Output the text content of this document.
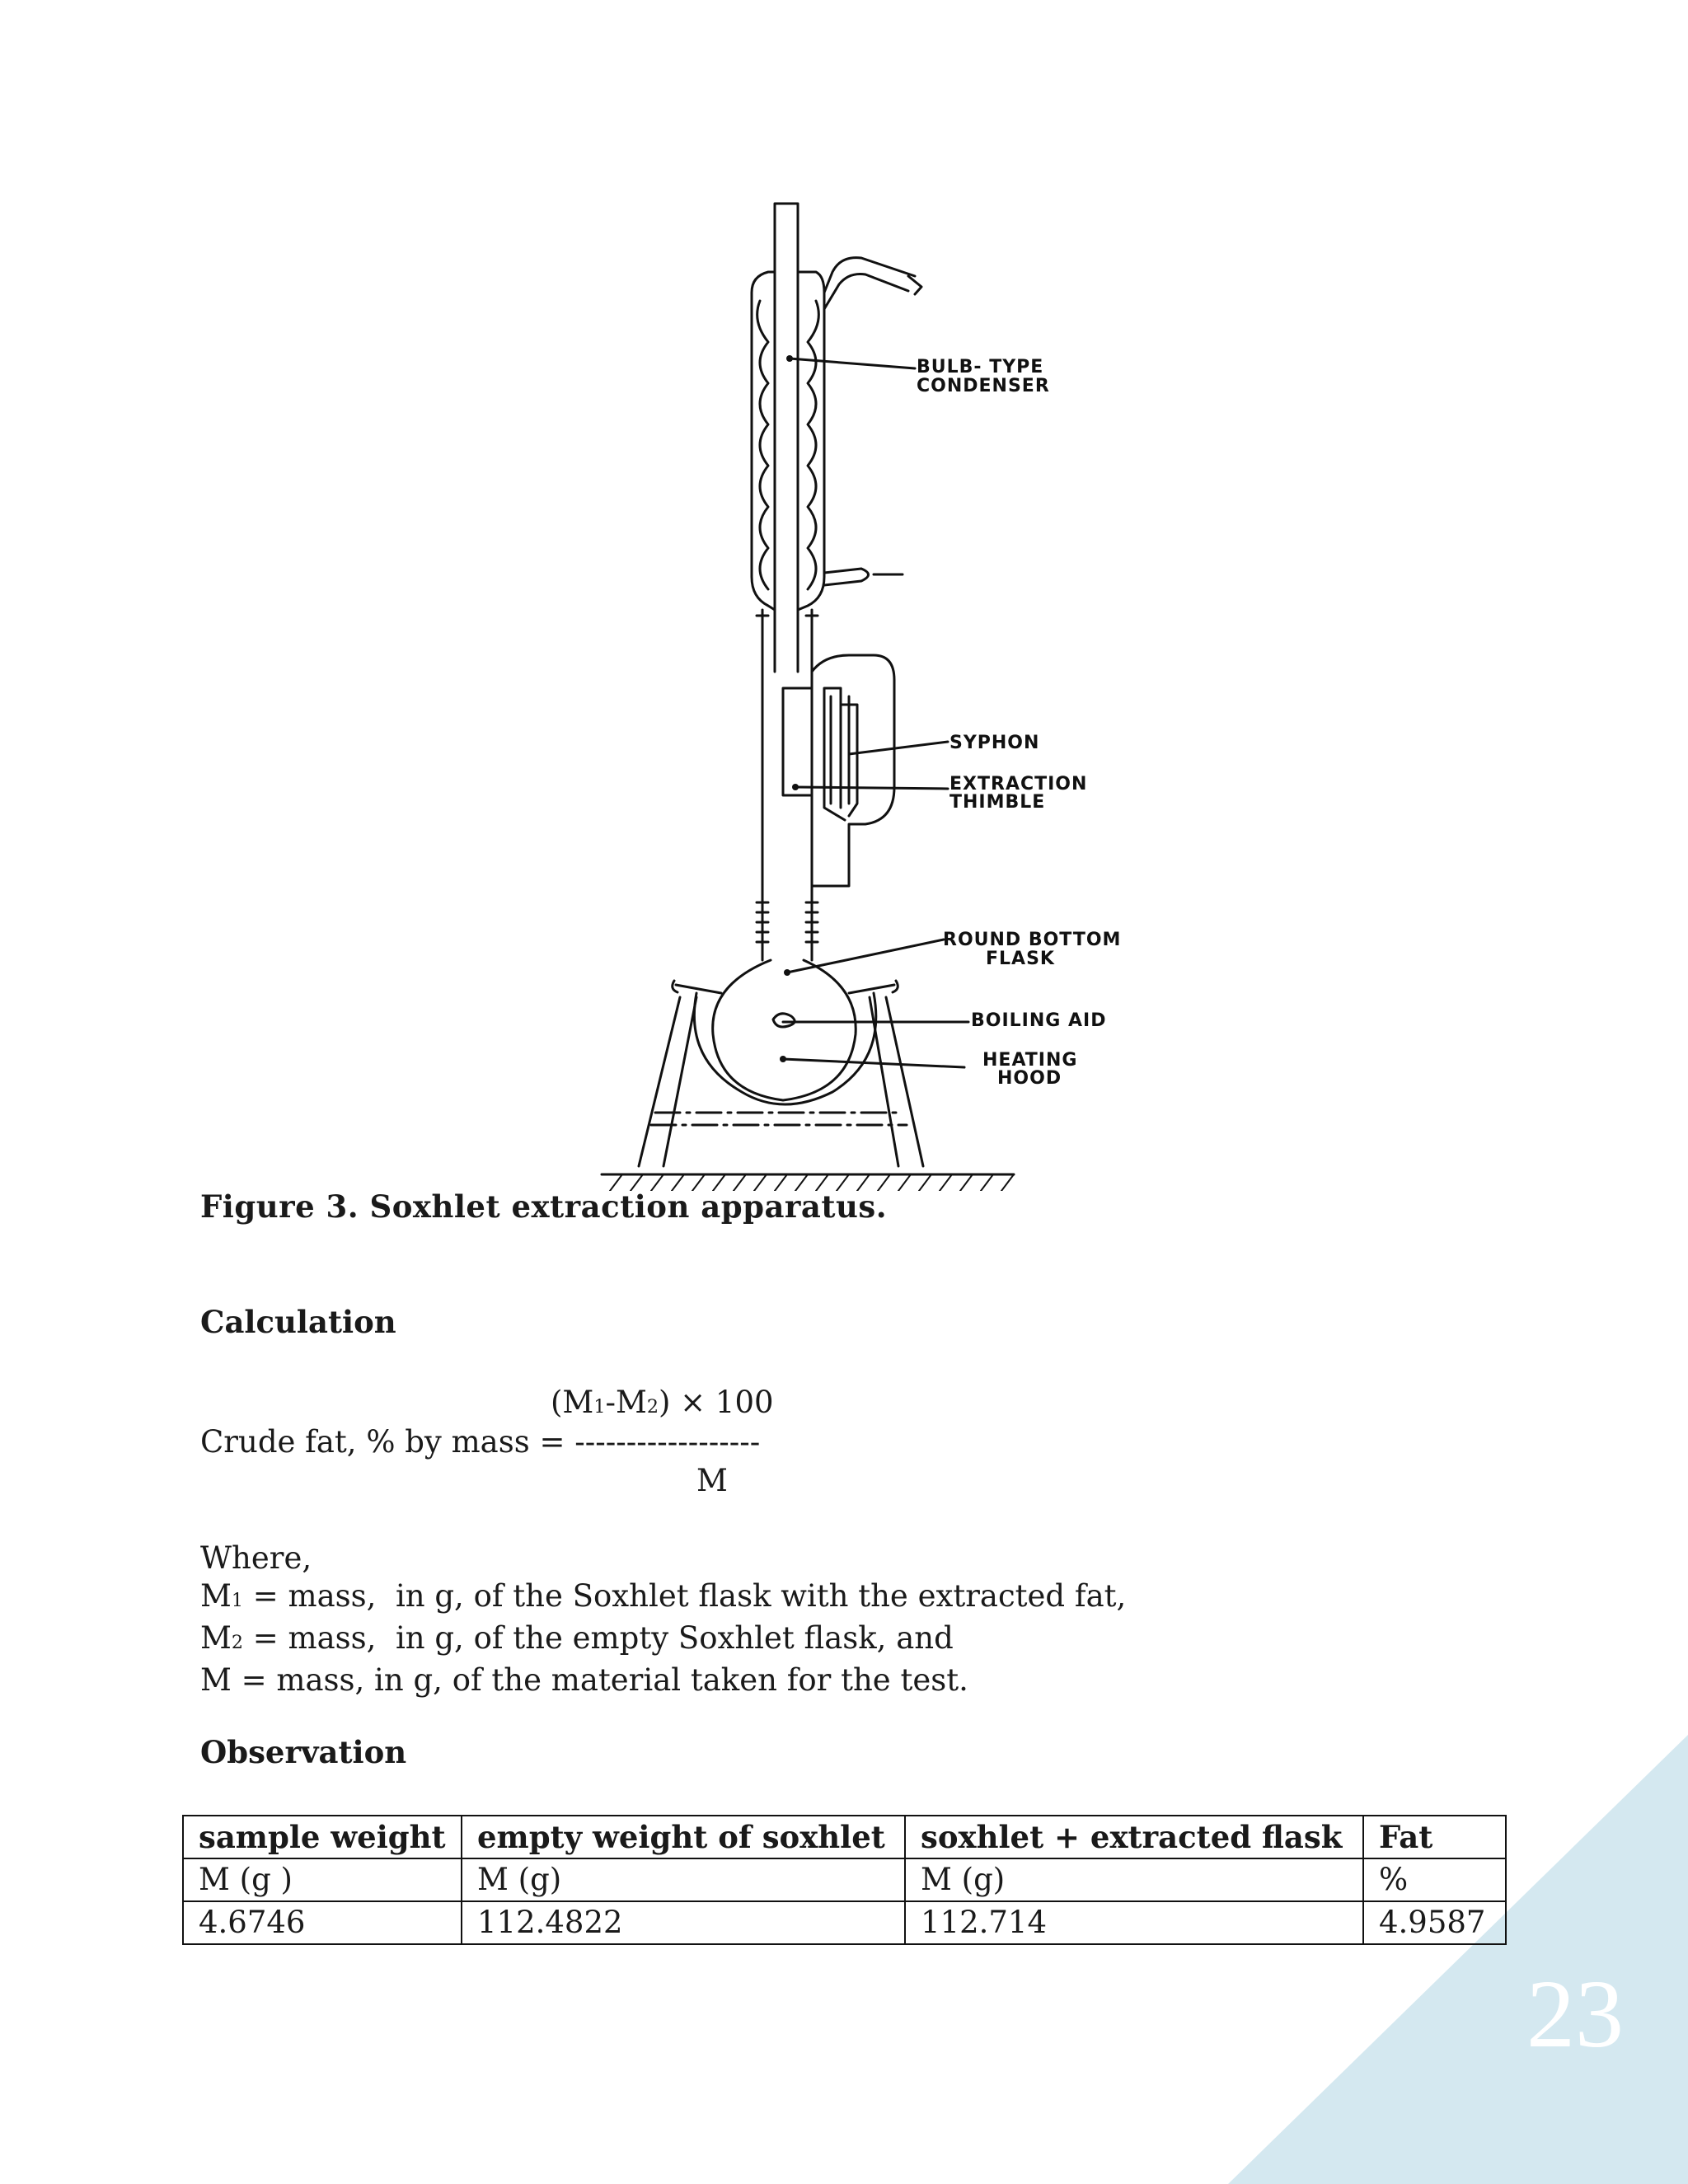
23
BULB- TYPE
CONDENSER
SYPHON
EXTRACTION
THIMBLE
ROUND BOTTOM
FLASK
BOILING AID
HEATING
HOOD
Figure 3. Soxhlet extraction apparatus.
Calculation
(M1-M2) × 100
Crude fat, % by mass = ------------------
M
Where,
M1 = mass,  in g, of the Soxhlet flask with the extracted fat,
M2 = mass,  in g, of the empty Soxhlet flask, and
M = mass, in g, of the material taken for the test.
Observation
sample weight	empty weight of soxhlet	soxhlet + extracted flask	Fat
M (g )	M (g)	M (g)	%
4.6746	112.4822	112.714	4.9587
